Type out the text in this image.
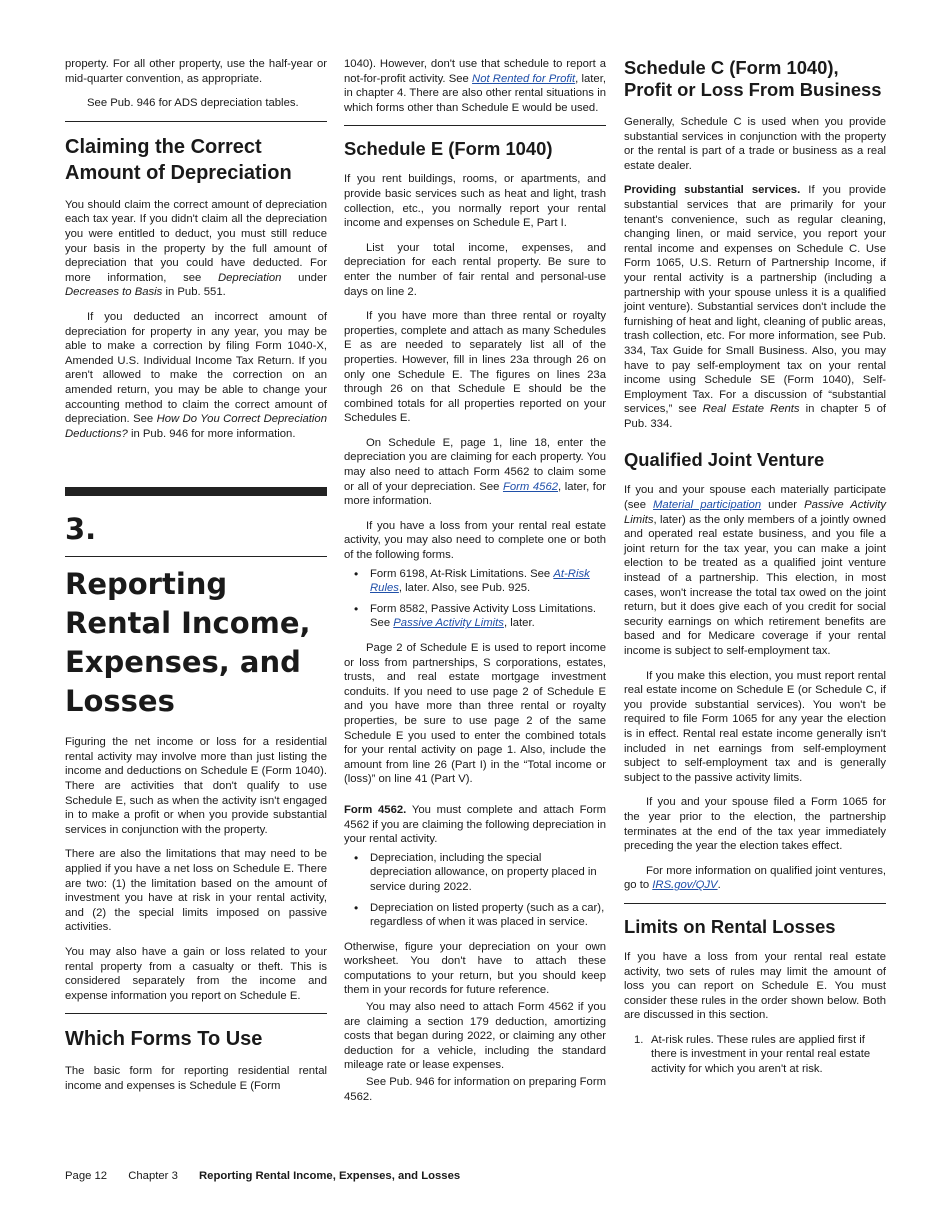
property. For all other property, use the half-year or mid-quarter convention, as appropriate.

See Pub. 946 for ADS depreciation tables.

Claiming the Correct Amount of Depreciation

You should claim the correct amount of depreciation each tax year. If you didn't claim all the depreciation you were entitled to deduct, you must still reduce your basis in the property by the full amount of depreciation that you could have deducted. For more information, see Depreciation under Decreases to Basis in Pub. 551.

If you deducted an incorrect amount of depreciation for property in any year, you may be able to make a correction by filing Form 1040-X, Amended U.S. Individual Income Tax Return. If you aren't allowed to make the correction on an amended return, you may be able to change your accounting method to claim the correct amount of depreciation. See How Do You Correct Depreciation Deductions? in Pub. 946 for more information.

3.
Reporting Rental Income, Expenses, and Losses

Figuring the net income or loss for a residential rental activity may involve more than just listing the income and deductions on Schedule E (Form 1040). There are activities that don't qualify to use Schedule E, such as when the activity isn't engaged in to make a profit or when you provide substantial services in conjunction with the property.

There are also the limitations that may need to be applied if you have a net loss on Schedule E. There are two: (1) the limitation based on the amount of investment you have at risk in your rental activity, and (2) the special limits imposed on passive activities.

You may also have a gain or loss related to your rental property from a casualty or theft. This is considered separately from the income and expense information you report on Schedule E.

Which Forms To Use

The basic form for reporting residential rental income and expenses is Schedule E (Form

1040). However, don't use that schedule to report a not-for-profit activity. See Not Rented for Profit, later, in chapter 4. There are also other rental situations in which forms other than Schedule E would be used.

Schedule E (Form 1040)

If you rent buildings, rooms, or apartments, and provide basic services such as heat and light, trash collection, etc., you normally report your rental income and expenses on Schedule E, Part I.

List your total income, expenses, and depreciation for each rental property. Be sure to enter the number of fair rental and personal-use days on line 2.

If you have more than three rental or royalty properties, complete and attach as many Schedules E as are needed to separately list all of the properties. However, fill in lines 23a through 26 on only one Schedule E. The figures on lines 23a through 26 on that Schedule E should be the combined totals for all properties reported on your Schedules E.

On Schedule E, page 1, line 18, enter the depreciation you are claiming for each property. You may also need to attach Form 4562 to claim some or all of your depreciation. See Form 4562, later, for more information.

If you have a loss from your rental real estate activity, you may also need to complete one or both of the following forms.

• Form 6198, At-Risk Limitations. See At-Risk Rules, later. Also, see Pub. 925.
• Form 8582, Passive Activity Loss Limitations. See Passive Activity Limits, later.

Page 2 of Schedule E is used to report income or loss from partnerships, S corporations, estates, trusts, and real estate mortgage investment conduits. If you need to use page 2 of Schedule E and you have more than three rental or royalty properties, be sure to use page 2 of the same Schedule E you used to enter the combined totals for your rental activity on page 1. Also, include the amount from line 26 (Part I) in the “Total income or (loss)” on line 41 (Part V).

Form 4562. You must complete and attach Form 4562 if you are claiming the following depreciation in your rental activity.

• Depreciation, including the special depreciation allowance, on property placed in service during 2022.
• Depreciation on listed property (such as a car), regardless of when it was placed in service.

Otherwise, figure your depreciation on your own worksheet. You don't have to attach these computations to your return, but you should keep them in your records for future reference.

You may also need to attach Form 4562 if you are claiming a section 179 deduction, amortizing costs that began during 2022, or claiming any other deduction for a vehicle, including the standard mileage rate or lease expenses.

See Pub. 946 for information on preparing Form 4562.

Schedule C (Form 1040), Profit or Loss From Business

Generally, Schedule C is used when you provide substantial services in conjunction with the property or the rental is part of a trade or business as a real estate dealer.

Providing substantial services. If you provide substantial services that are primarily for your tenant's convenience, such as regular cleaning, changing linen, or maid service, you report your rental income and expenses on Schedule C. Use Form 1065, U.S. Return of Partnership Income, if your rental activity is a partnership (including a partnership with your spouse unless it is a qualified joint venture). Substantial services don't include the furnishing of heat and light, cleaning of public areas, trash collection, etc. For more information, see Pub. 334, Tax Guide for Small Business. Also, you may have to pay self-employment tax on your rental income using Schedule SE (Form 1040), Self-Employment Tax. For a discussion of “substantial services,” see Real Estate Rents in chapter 5 of Pub. 334.

Qualified Joint Venture

If you and your spouse each materially participate (see Material participation under Passive Activity Limits, later) as the only members of a jointly owned and operated real estate business, and you file a joint return for the tax year, you can make a joint election to be treated as a qualified joint venture instead of a partnership. This election, in most cases, won't increase the total tax owed on the joint return, but it does give each of you credit for social security earnings on which retirement benefits are based and for Medicare coverage if your rental income is subject to self-employment tax.

If you make this election, you must report rental real estate income on Schedule E (or Schedule C, if you provide substantial services). You won't be required to file Form 1065 for any year the election is in effect. Rental real estate income generally isn't included in net earnings from self-employment subject to self-employment tax and is generally subject to the passive activity limits.

If you and your spouse filed a Form 1065 for the year prior to the election, the partnership terminates at the end of the tax year immediately preceding the year the election takes effect.

For more information on qualified joint ventures, go to IRS.gov/QJV.

Limits on Rental Losses

If you have a loss from your rental real estate activity, two sets of rules may limit the amount of loss you can report on Schedule E. You must consider these rules in the order shown below. Both are discussed in this section.

1. At-risk rules. These rules are applied first if there is investment in your rental real estate activity for which you aren't at risk.
Page 12 Chapter 3 Reporting Rental Income, Expenses, and Losses
